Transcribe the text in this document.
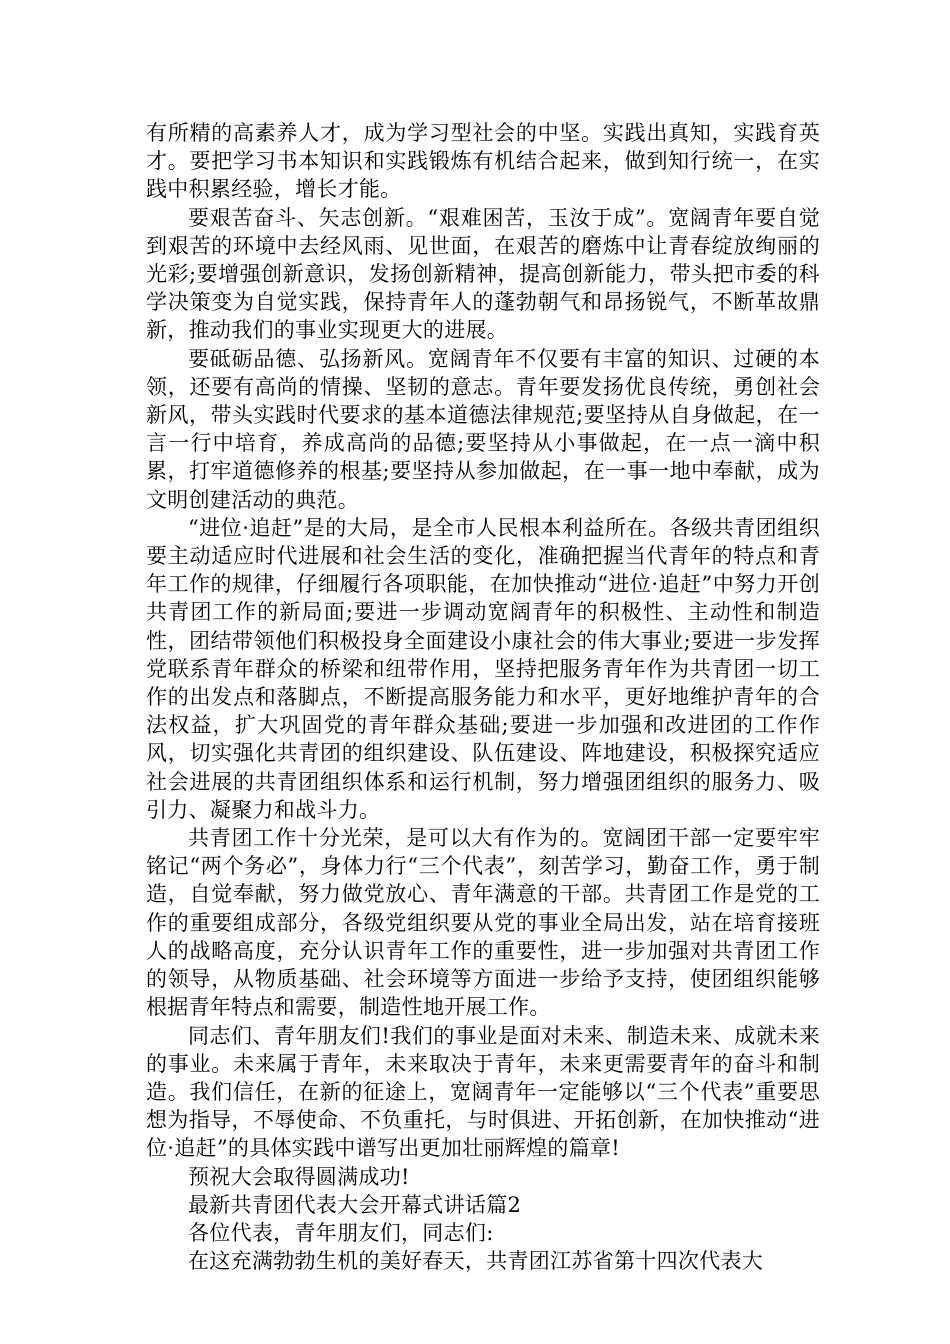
有所精的高素养人才，成为学习型社会的中坚。实践出真知，实践育英才。要把学习书本知识和实践锻炼有机结合起来，做到知行统一，在实践中积累经验，增长才能。

要艰苦奋斗、矢志创新。“艰难困苦，玉汝于成”。宽阔青年要自觉到艰苦的环境中去经风雨、见世面，在艰苦的磨炼中让青春绽放绚丽的光彩;要增强创新意识，发扬创新精神，提高创新能力，带头把市委的科学决策变为自觉实践，保持青年人的蓬勃朝气和昂扬锐气，不断革故鼎新，推动我们的事业实现更大的进展。

要砥砺品德、弘扬新风。宽阔青年不仅要有丰富的知识、过硬的本领，还要有高尚的情操、坚韧的意志。青年要发扬优良传统，勇创社会新风，带头实践时代要求的基本道德法律规范;要坚持从自身做起，在一言一行中培育，养成高尚的品德;要坚持从小事做起，在一点一滴中积累，打牢道德修养的根基;要坚持从参加做起，在一事一地中奉献，成为文明创建活动的典范。

“进位·追赶”是的大局，是全市人民根本利益所在。各级共青团组织要主动适应时代进展和社会生活的变化，准确把握当代青年的特点和青年工作的规律，仔细履行各项职能，在加快推动“进位·追赶”中努力开创共青团工作的新局面;要进一步调动宽阔青年的积极性、主动性和制造性，团结带领他们积极投身全面建设小康社会的伟大事业;要进一步发挥党联系青年群众的桥梁和纽带作用，坚持把服务青年作为共青团一切工作的出发点和落脚点，不断提高服务能力和水平，更好地维护青年的合法权益，扩大巩固党的青年群众基础;要进一步加强和改进团的工作作风，切实强化共青团的组织建设、队伍建设、阵地建设，积极探究适应社会进展的共青团组织体系和运行机制，努力增强团组织的服务力、吸引力、凝聚力和战斗力。

共青团工作十分光荣，是可以大有作为的。宽阔团干部一定要牢牢铭记“两个务必”，身体力行“三个代表”，刻苦学习，勤奋工作，勇于制造，自觉奉献，努力做党放心、青年满意的干部。共青团工作是党的工作的重要组成部分，各级党组织要从党的事业全局出发，站在培育接班人的战略高度，充分认识青年工作的重要性，进一步加强对共青团工作的领导，从物质基础、社会环境等方面进一步给予支持，使团组织能够根据青年特点和需要，制造性地开展工作。

同志们、青年朋友们!我们的事业是面对未来、制造未来、成就未来的事业。未来属于青年，未来取决于青年，未来更需要青年的奋斗和制造。我们信任，在新的征途上，宽阔青年一定能够以“三个代表”重要思想为指导，不辱使命、不负重托，与时俱进、开拓创新，在加快推动“进位·追赶”的具体实践中谱写出更加壮丽辉煌的篇章!

预祝大会取得圆满成功!

最新共青团代表大会开幕式讲话篇2

各位代表，青年朋友们，同志们:

在这充满勃勃生机的美好春天，共青团江苏省第十四次代表大
